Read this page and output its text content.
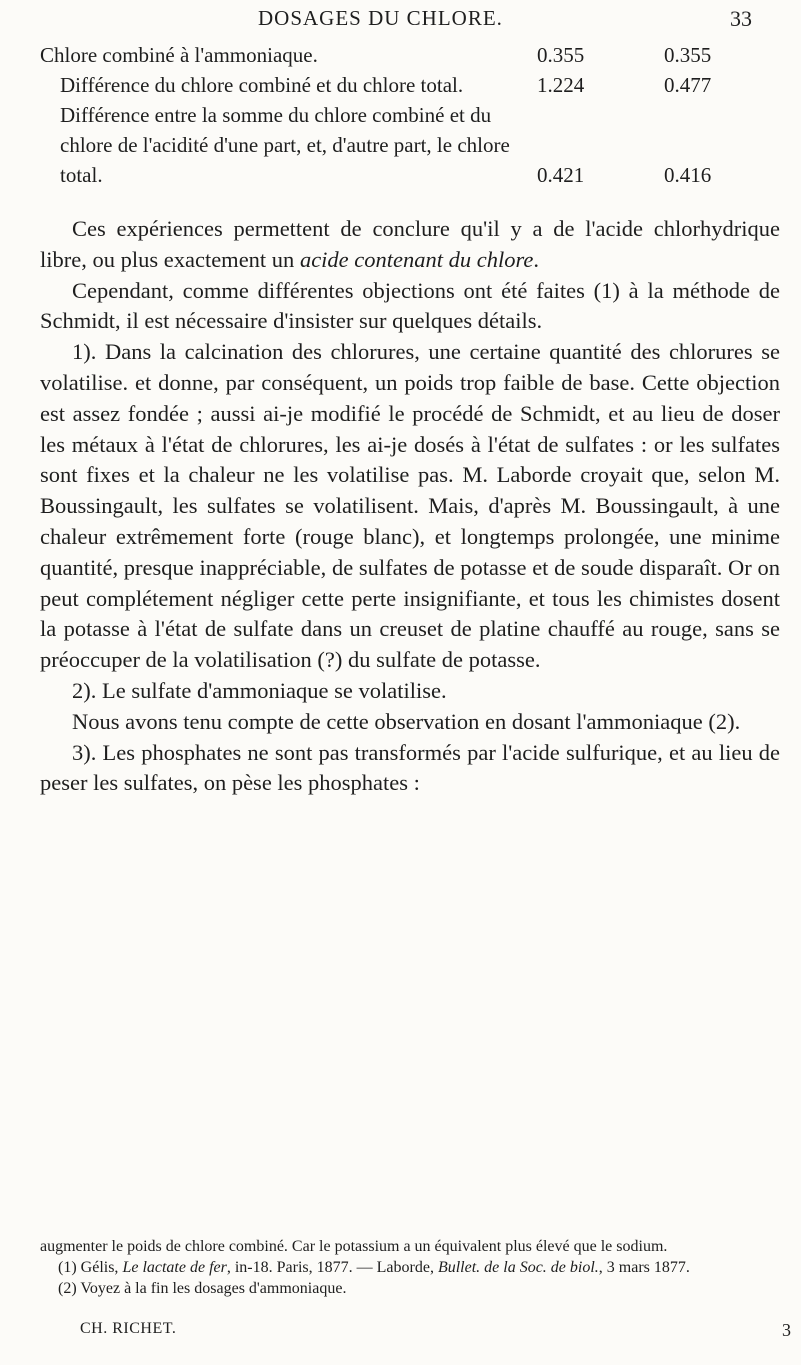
DOSAGES DU CHLORE.	33
Chlore combiné à l'ammoniaque.	0.355	0.355
Différence du chlore combiné et du chlore total.	1.224	0.477
Différence entre la somme du chlore combiné et du chlore de l'acidité d'une part, et, d'autre part, le chlore total.	0.421	0.416

Ces expériences permettent de conclure qu'il y a de l'acide chlorhydrique libre, ou plus exactement un acide contenant du chlore.

Cependant, comme différentes objections ont été faites (1) à la méthode de Schmidt, il est nécessaire d'insister sur quelques détails.

1). Dans la calcination des chlorures, une certaine quantité des chlorures se volatilise. et donne, par conséquent, un poids trop faible de base. Cette objection est assez fondée ; aussi ai-je modifié le procédé de Schmidt, et au lieu de doser les métaux à l'état de chlorures, les ai-je dosés à l'état de sulfates : or les sulfates sont fixes et la chaleur ne les volatilise pas. M. Laborde croyait que, selon M. Boussingault, les sulfates se volatilisent. Mais, d'après M. Boussingault, à une chaleur extrêmement forte (rouge blanc), et longtemps prolongée, une minime quantité, presque inappréciable, de sulfates de potasse et de soude disparaît. Or on peut complétement négliger cette perte insignifiante, et tous les chimistes dosent la potasse à l'état de sulfate dans un creuset de platine chauffé au rouge, sans se préoccuper de la volatilisation (?) du sulfate de potasse.

2). Le sulfate d'ammoniaque se volatilise.

Nous avons tenu compte de cette observation en dosant l'ammoniaque (2).

3). Les phosphates ne sont pas transformés par l'acide sulfurique, et au lieu de peser les sulfates, on pèse les phosphates :

augmenter le poids de chlore combiné. Car le potassium a un équivalent plus élevé que le sodium.

(1) Gélis, Le lactate de fer, in-18. Paris, 1877. — Laborde, Bullet. de la Soc. de biol., 3 mars 1877.

(2) Voyez à la fin les dosages d'ammoniaque.

CH. RICHET.	3
